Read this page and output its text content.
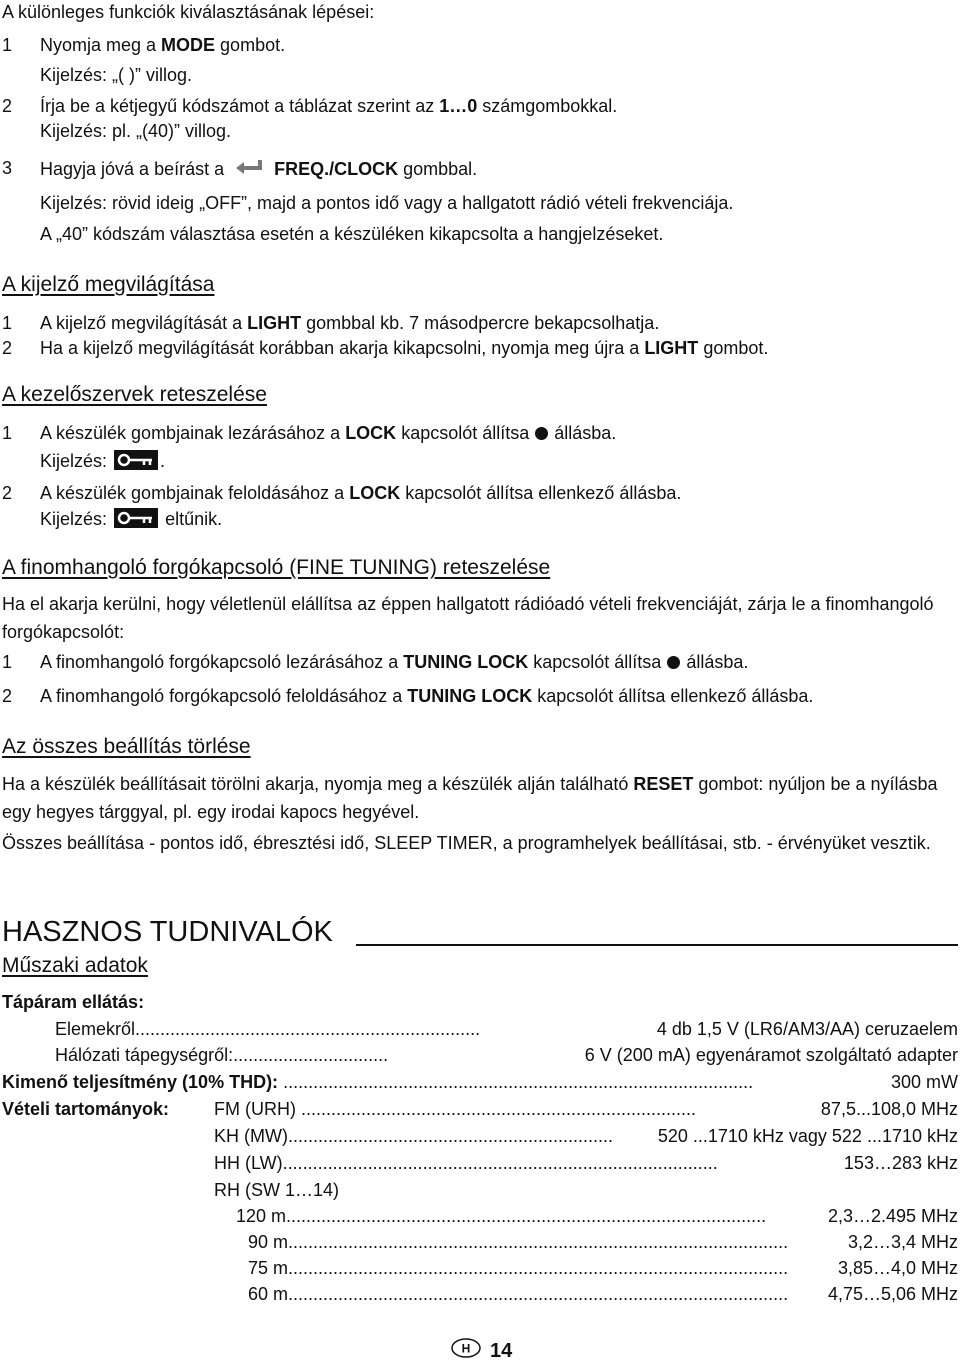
A különleges funkciók kiválasztásának lépései:
1 Nyomja meg a MODE gombot.
Kijelzés: „( )” villog.
2 Írja be a kétjegyű kódszámot a táblázat szerint az 1…0 számgombokkal.
Kijelzés: pl. „(40)” villog.
3 Hagyja jóvá a beírást a	FREQ./CLOCK gombbal.
Kijelzés: rövid ideig „OFF”, majd a pontos idő vagy a hallgatott rádió vételi frekvenciája.
A „40” kódszám választása esetén a készüléken kikapcsolta a hangjelzéseket.
A kijelző megvilágítása
1 A kijelző megvilágítását a LIGHT gombbal kb. 7 másodpercre bekapcsolhatja.
2 Ha a kijelző megvilágítását korábban akarja kikapcsolni, nyomja meg újra a LIGHT gombot.
A kezelőszervek reteszelése
1 A készülék gombjainak lezárásához a LOCK kapcsolót állítsa állásba.
Kijelzés:	.
2 A készülék gombjainak feloldásához a LOCK kapcsolót állítsa ellenkező állásba.
Kijelzés:	eltűnik.
A finomhangoló forgókapcsoló (FINE TUNING) reteszelése
Ha el akarja kerülni, hogy véletlenül elállítsa az éppen hallgatott rádióadó vételi frekvenciáját, zárja le a finomhangoló forgókapcsolót:
1 A finomhangoló forgókapcsoló lezárásához a TUNING LOCK kapcsolót állítsa állásba.
2 A finomhangoló forgókapcsoló feloldásához a TUNING LOCK kapcsolót állítsa ellenkező állásba.
Az összes beállítás törlése
Ha a készülék beállításait törölni akarja, nyomja meg a készülék alján található RESET gombot: nyúljon be a nyílásba egy hegyes tárggyal, pl. egy irodai kapocs hegyével.
Összes beállítása - pontos idő, ébresztési idő, SLEEP TIMER, a programhelyek beállításai, stb. - érvényüket vesztik.
HASZNOS TUDNIVALÓK
Műszaki adatok
Tápáram ellátás:
Elemekről.....................................................................	4 db 1,5 V (LR6/AM3/AA) ceruzaelem
Hálózati tápegységről:...............................	6 V (200 mA) egyenáramot szolgáltató adapter
Kimenő teljesítmény (10% THD): ..............................................................................................	300 mW
Vételi tartományok: FM (URH) ...............................................................................	87,5...108,0 MHz
KH (MW)................................................................. 520 ...1710 kHz vagy 522 ...1710 kHz
HH (LW).......................................................................................	153…283 kHz
RH (SW 1…14)
120 m................................................................................................	2,3…2.495 MHz
90 m....................................................................................................	3,2…3,4 MHz
75 m....................................................................................................	3,85…4,0 MHz
60 m.................................................................................................... 4,75…5,06 MHz
H 14
